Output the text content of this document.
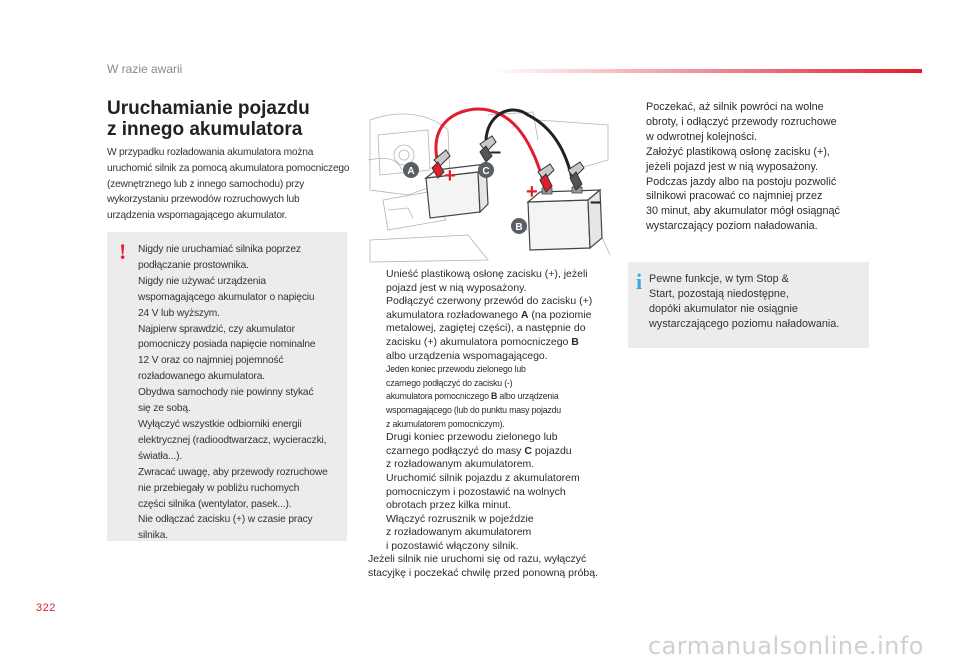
W razie awarii
Uruchamianie pojazdu
z innego akumulatora
W przypadku rozładowania akumulatora można
uruchomić silnik za pomocą akumulatora pomocniczego
(zewnętrznego lub z innego samochodu) przy
wykorzystaniu przewodów rozruchowych lub
urządzenia wspomagającego akumulator.
! Nigdy nie uruchamiać silnika poprzez

podłączanie prostownika.

Nigdy nie używać urządzenia

wspomagającego akumulator o napięciu

24 V lub wyższym.

Najpierw sprawdzić, czy akumulator

pomocniczy posiada napięcie nominalne

12 V oraz co najmniej pojemność

rozładowanego akumulatora.

Obydwa samochody nie powinny stykać

się ze sobą.

Wyłączyć wszystkie odbiorniki energii

elektrycznej (radioodtwarzacz, wycieraczki,

światła...).

Zwracać uwagę, aby przewody rozruchowe

nie przebiegały w pobliżu ruchomych

części silnika (wentylator, pasek...).

Nie odłączać zacisku (+) w czasie pracy

silnika.

+
–
+	–
A	C
B
Unieść plastikową osłonę zacisku (+), jeżeli
pojazd jest w nią wyposażony.
Podłączyć czerwony przewód do zacisku (+)
akumulatora rozładowanego A (na poziomie
metalowej, zagiętej części), a następnie do
zacisku (+) akumulatora pomocniczego B
albo urządzenia wspomagającego.
Jeden koniec przewodu zielonego lub
czarnego podłączyć do zacisku (-)
akumulatora pomocniczego B albo urządzenia
wspomagającego (lub do punktu masy pojazdu
z akumulatorem pomocniczym).
Drugi koniec przewodu zielonego lub
czarnego podłączyć do masy C pojazdu
z rozładowanym akumulatorem.
Uruchomić silnik pojazdu z akumulatorem
pomocniczym i pozostawić na wolnych
obrotach przez kilka minut.
Włączyć rozrusznik w pojeździe
z rozładowanym akumulatorem
i pozostawić włączony silnik.
Jeżeli silnik nie uruchomi się od razu, wyłączyć
stacyjkę i poczekać chwilę przed ponowną próbą.
Poczekać, aż silnik powróci na wolne
obroty, i odłączyć przewody rozruchowe
w odwrotnej kolejności.
Założyć plastikową osłonę zacisku (+),
jeżeli pojazd jest w nią wyposażony.
Podczas jazdy albo na postoju pozwolić
silnikowi pracować co najmniej przez
30 minut, aby akumulator mógł osiągnąć
wystarczający poziom naładowania.
i Pewne funkcje, w tym Stop &

Start, pozostają niedostępne,

dopóki akumulator nie osiągnie

wystarczającego poziomu naładowania.

322
carmanualsonline.info
